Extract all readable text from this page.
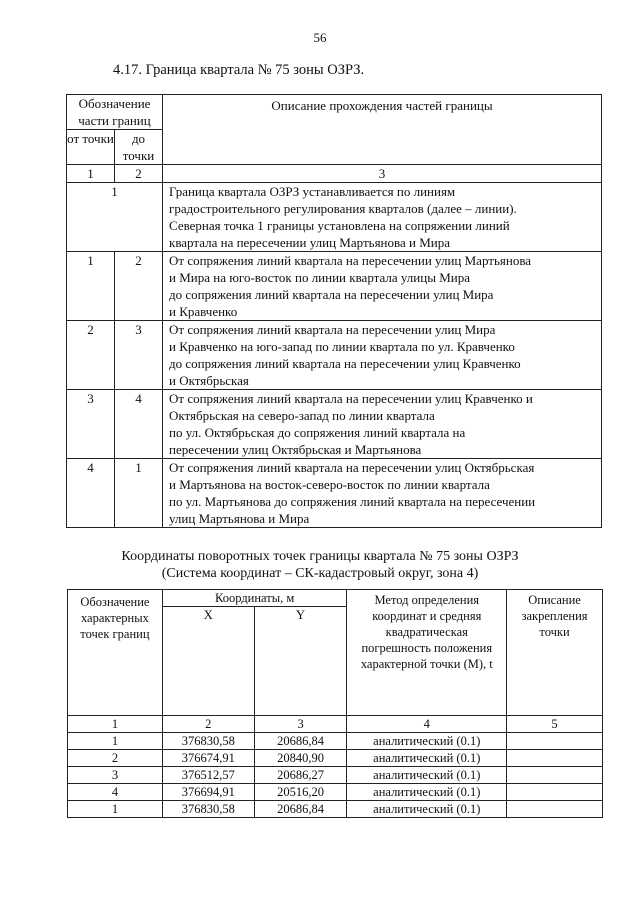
56
4.17. Граница квартала № 75 зоны ОЗРЗ.
Обозначение части границ		Описание прохождения частей границы
от точки	до точки	
1	2	3
1		Граница квартала ОЗРЗ устанавливается по линиям
градостроительного регулирования кварталов (далее – линии).
Северная точка 1 границы установлена на сопряжении линий
квартала на пересечении улиц Мартьянова и Мира

1	2	От сопряжения линий квартала на пересечении улиц Мартьянова
и Мира на юго-восток по линии квартала улицы Мира
до сопряжения линий квартала на пересечении улиц Мира
и Кравченко

2	3	От сопряжения линий квартала на пересечении улиц Мира
и Кравченко на юго-запад по линии квартала по ул. Кравченко
до сопряжения линий квартала на пересечении улиц Кравченко
и Октябрьская

3	4	От сопряжения линий квартала на пересечении улиц Кравченко и
Октябрьская на северо-запад по линии квартала
по ул. Октябрьская до сопряжения линий квартала на
пересечении улиц Октябрьская и Мартьянова

4	1	От сопряжения линий квартала на пересечении улиц Октябрьская
и Мартьянова на восток-северо-восток по линии квартала
по ул. Мартьянова до сопряжения линий квартала на пересечении
улиц Мартьянова и Мира
Координаты поворотных точек границы квартала № 75 зоны ОЗРЗ
(Система координат – СК-кадастровый округ, зона 4)
Обозначение характерных точек границ	Координаты, м		Метод определения координат и средняя квадратическая погрешность положения характерной точки (М), t	Описание закрепления точки
	X	Y		
1	2	3	4	5
1	376830,58	20686,84	аналитический (0.1)	
2	376674,91	20840,90	аналитический (0.1)	
3	376512,57	20686,27	аналитический (0.1)	
4	376694,91	20516,20	аналитический (0.1)	
1	376830,58	20686,84	аналитический (0.1)	
